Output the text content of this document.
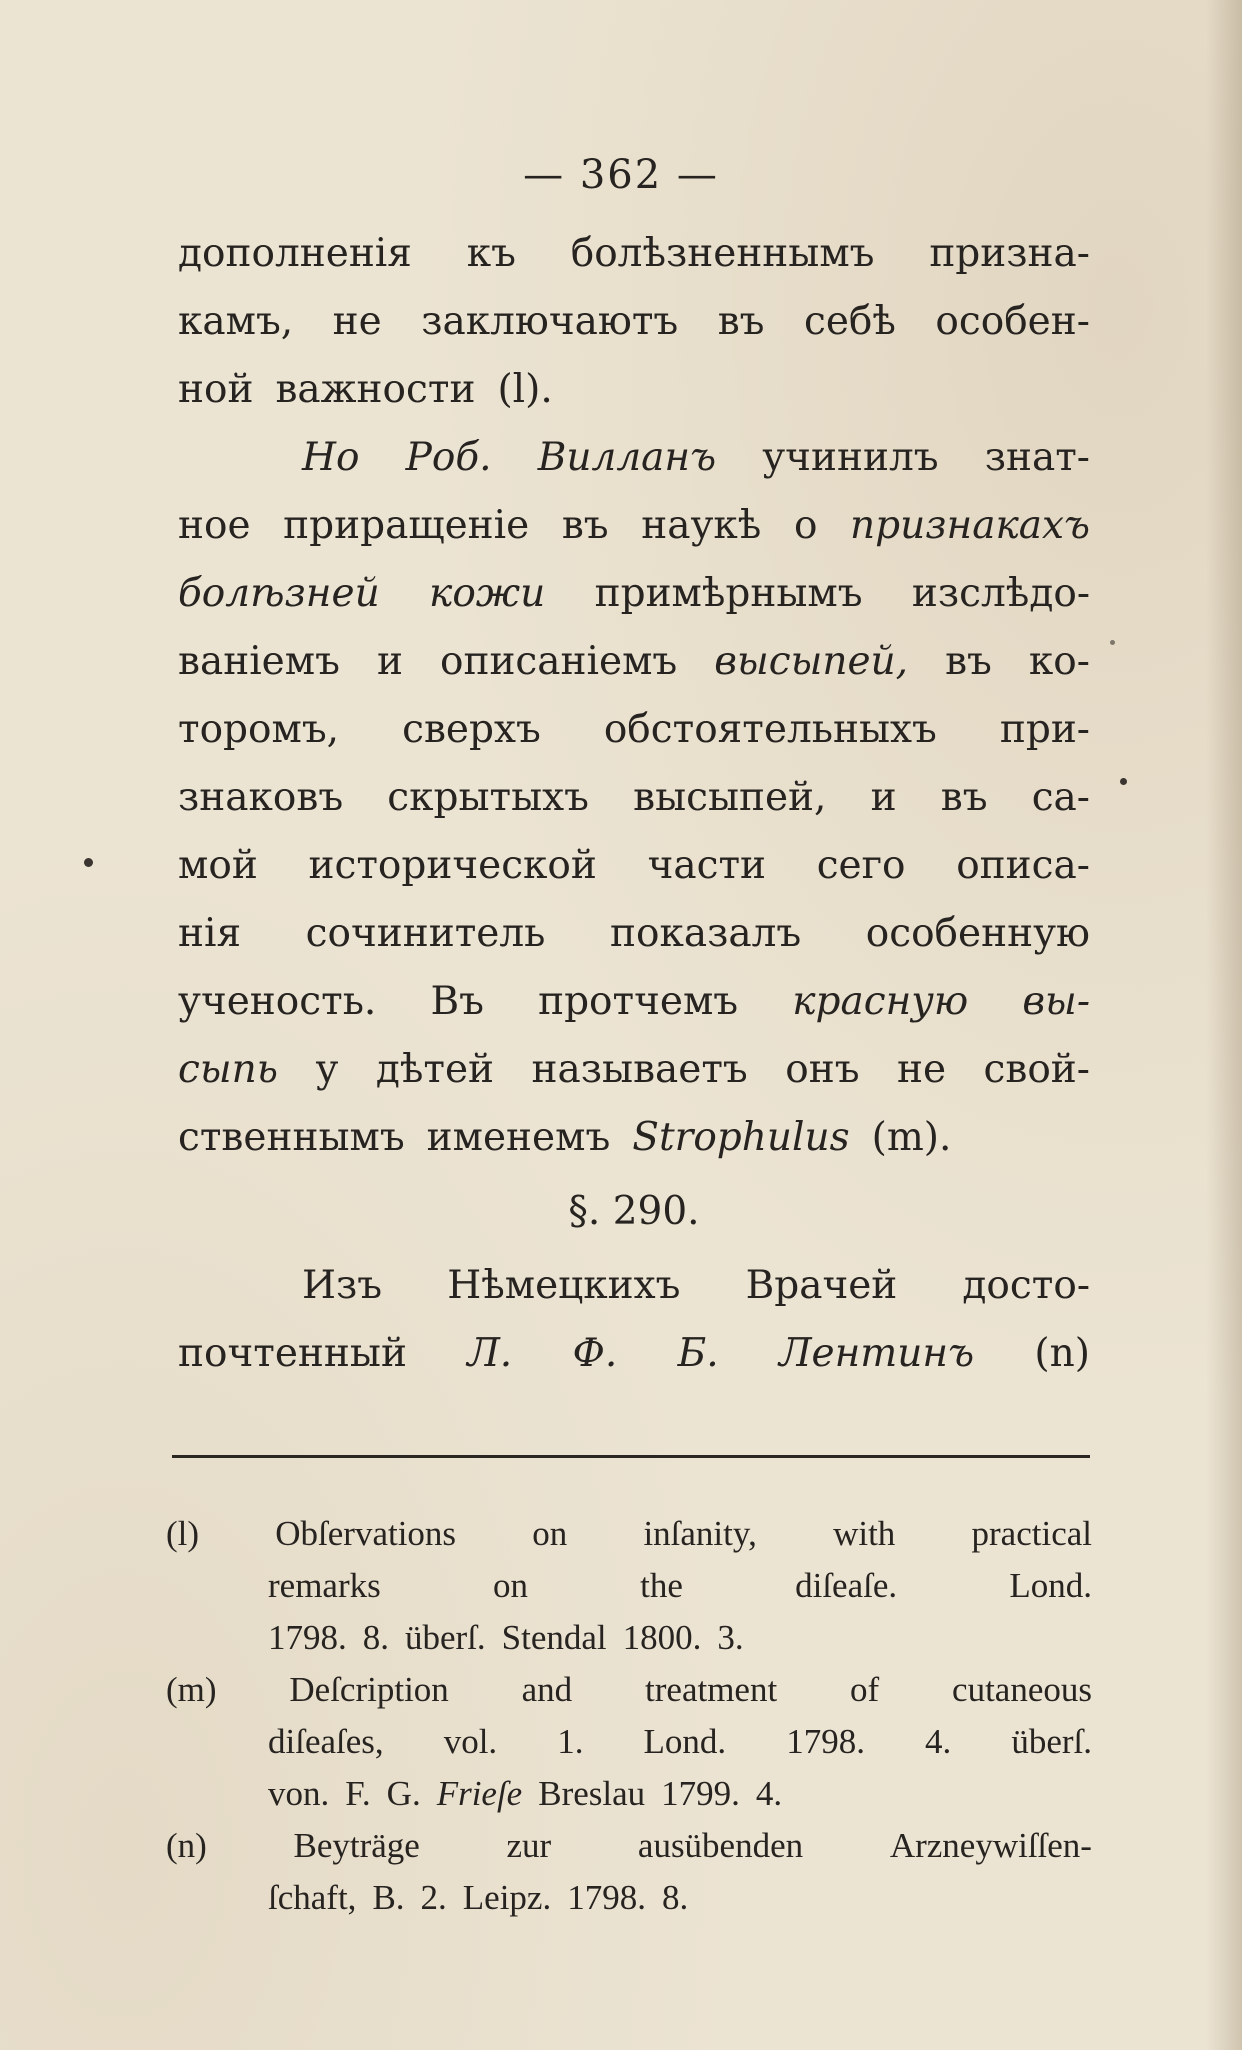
— 362 —
дополненія къ болѣзненнымъ призна-
камъ, не заключаютъ въ себѣ особен-
ной важности (l).
Но Роб. Вилланъ учинилъ знат-
ное приращеніе въ наукѣ о признакахъ
болѣзней кожи примѣрнымъ изслѣдо-
ваніемъ и описаніемъ высыпей, въ ко-
торомъ, сверхъ обстоятельныхъ при-
знаковъ скрытыхъ высыпей, и въ са-
мой исторической части сего описа-
нія сочинитель показалъ особенную
ученость. Въ протчемъ красную вы-
сыпь у дѣтей называетъ онъ не свой-
ственнымъ именемъ Strophulus (m).
§. 290.
Изъ Нѣмецкихъ Врачей досто-
почтенный Л. Ф. Б. Лентинъ (n)
(l) Obſervations on inſanity, with practical
remarks	on	the	diſeaſe.	Lond.
1798. 8. überſ. Stendal 1800. 3.
(m) Deſcription and treatment of cutaneous
diſeaſes, vol. 1. Lond. 1798. 4. überſ.
von. F. G. Frieſe Breslau 1799. 4.
(n) Beyträge zur ausübenden Arzneywiſſen-
ſchaft, B. 2. Leipz. 1798. 8.
